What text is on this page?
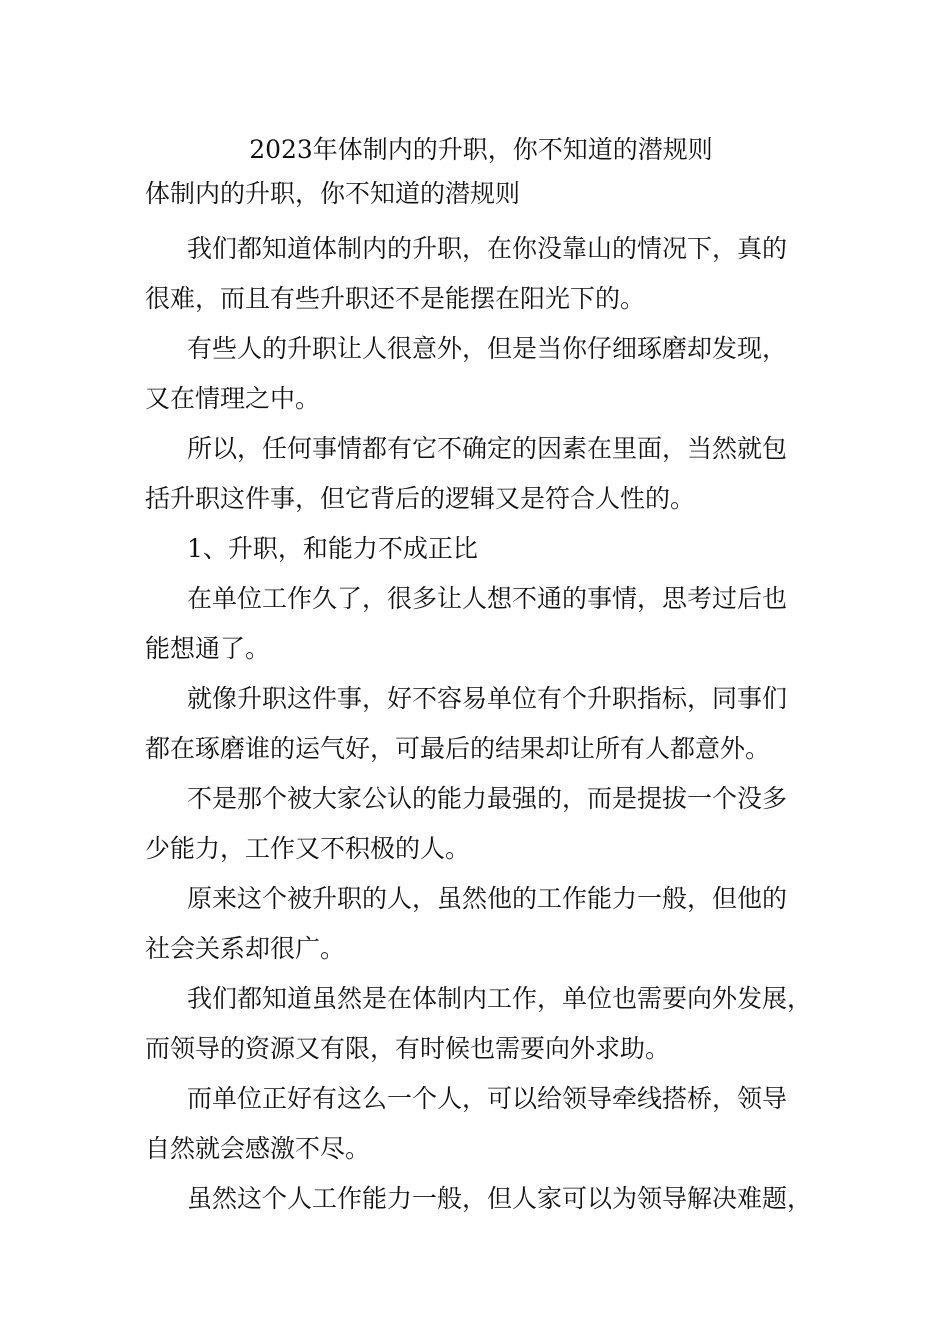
2023年体制内的升职，你不知道的潜规则
体制内的升职，你不知道的潜规则
我们都知道体制内的升职，在你没靠山的情况下，真的
很难，而且有些升职还不是能摆在阳光下的。
有些人的升职让人很意外，但是当你仔细琢磨却发现，
又在情理之中。
所以，任何事情都有它不确定的因素在里面，当然就包
括升职这件事，但它背后的逻辑又是符合人性的。
1、升职，和能力不成正比
在单位工作久了，很多让人想不通的事情，思考过后也
能想通了。
就像升职这件事，好不容易单位有个升职指标，同事们
都在琢磨谁的运气好，可最后的结果却让所有人都意外。
不是那个被大家公认的能力最强的，而是提拔一个没多
少能力，工作又不积极的人。
原来这个被升职的人，虽然他的工作能力一般，但他的
社会关系却很广。
我们都知道虽然是在体制内工作，单位也需要向外发展，
而领导的资源又有限，有时候也需要向外求助。
而单位正好有这么一个人，可以给领导牵线搭桥，领导
自然就会感激不尽。
虽然这个人工作能力一般，但人家可以为领导解决难题，
